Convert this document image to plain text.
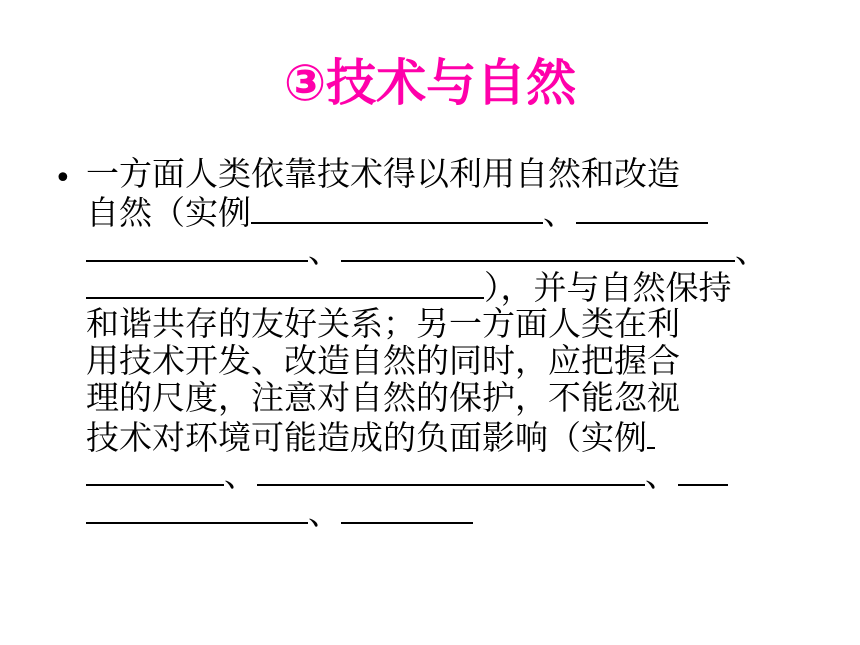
③技术与自然
• 一方面人类依靠技术得以利用自然和改造
自然（实例	、
、	、
），并与自然保持
和谐共存的友好关系；另一方面人类在利
用技术开发、改造自然的同时，应把握合
理的尺度，注意对自然的保护，不能忽视
技术对环境可能造成的负面影响（实例
、	、
、
